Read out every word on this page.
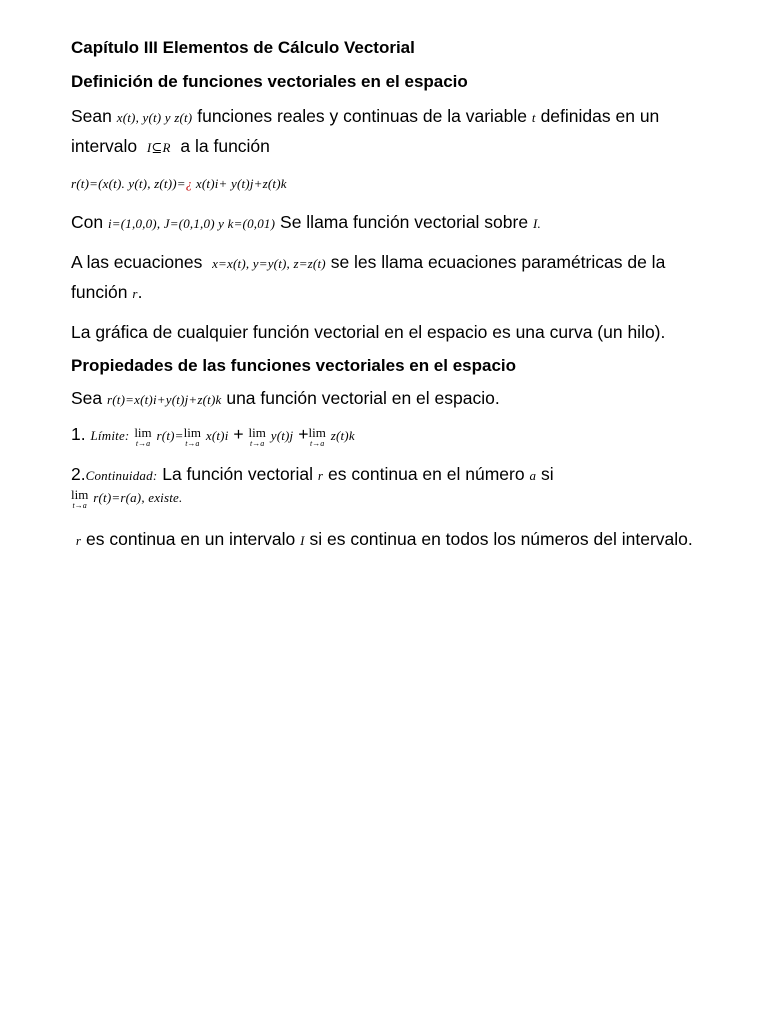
Capítulo III Elementos de Cálculo Vectorial

Definición de funciones vectoriales en el espacio

Sean x(t), y(t) y z(t) funciones reales y continuas de la variable t definidas en un intervalo I⊆R a la función

r(t)=(x(t). y(t), z(t))=¿ x(t)i+ y(t)j+z(t)k

Con i=(1,0,0), J=(0,1,0) y k=(0,01) Se llama función vectorial sobre I.

A las ecuaciones x=x(t), y=y(t), z=z(t) se les llama ecuaciones paramétricas de la función r.

La gráfica de cualquier función vectorial en el espacio es una curva (un hilo).

Propiedades de las funciones vectoriales en el espacio

Sea r(t)=x(t)i+y(t)j+z(t)k una función vectorial en el espacio.

1. Límite: lim
t→a
r(t)=lim
t→a
x(t)i + lim
t→a
y(t)j +lim
t→a
z(t)k

2.Continuidad: La función vectorial r es continua en el número a si

lim
t→a
r(t)=r(a), existe.

r es continua en un intervalo I si es continua en todos los números del intervalo.
